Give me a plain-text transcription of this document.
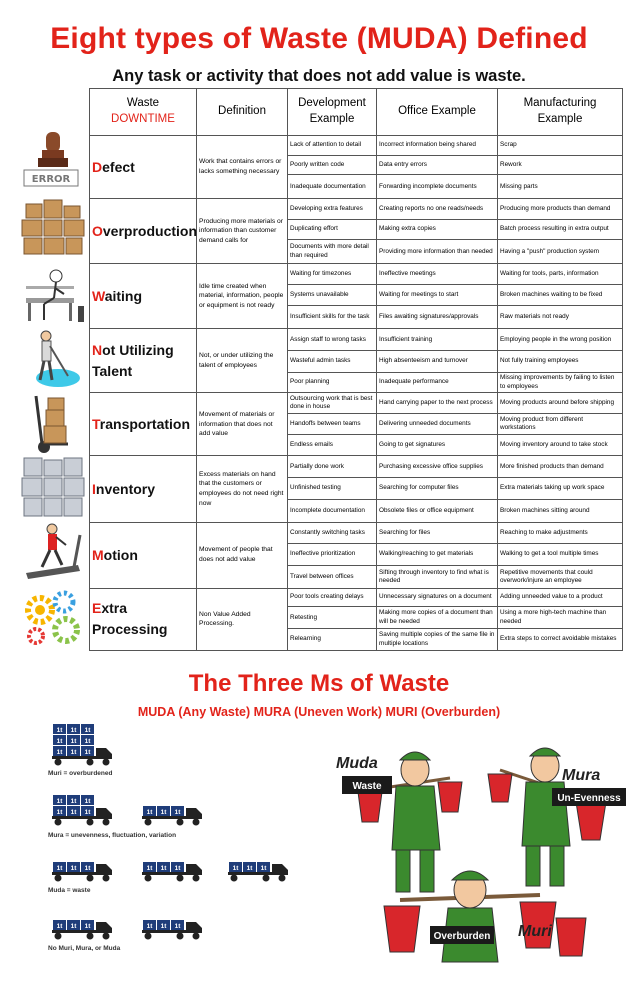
Eight types of Waste (MUDA) Defined
Any task or activity that does not add value is waste.
Waste
DOWNTIME	Definition	Development Example	Office Example	Manufacturing Example
Defect	Work that contains errors or lacks something necessary	Lack of attention to detail	Incorrect information being shared	Scrap
		Poorly written code	Data entry errors	Rework
		Inadequate documentation	Forwarding incomplete documents	Missing parts
Overproduction	Producing more materials or information than customer demand calls for	Developing extra features	Creating reports no one reads/needs	Producing more products than demand
		Duplicating effort	Making extra copies	Batch process resulting in extra output
		Documents with more detail than required	Providing more information than needed	Having a "push" production system
Waiting	Idle time created when material, information, people or equipment is not ready	Waiting for timezones	Ineffective meetings	Waiting for tools, parts, information
		Systems unavailable	Waiting for meetings to start	Broken machines waiting to be fixed
		Insufficient skills for the task	Files awaiting signatures/approvals	Raw materials not ready
Not Utilizing Talent	Not, or under utilizing the talent of employees	Assign staff to wrong tasks	Insufficient training	Employing people in the wrong position
		Wasteful admin tasks	High absenteeism and turnover	Not fully training employees
		Poor planning	Inadequate performance	Missing improvements by failing to listen to employees
Transportation	Movement of materials or information that does not add value	Outsourcing work that is best done in house	Hand carrying paper to the next process	Moving products around before shipping
		Handoffs between teams	Delivering unneeded documents	Moving product from different workstations
		Endless emails	Going to get signatures	Moving inventory around to take stock
Inventory	Excess materials on hand that the customers or employees do not need right now	Partially done work	Purchasing excessive office supplies	More finished products than demand
		Unfinished testing	Searching for computer files	Extra materials taking up work space
		Incomplete documentation	Obsolete files or office equipment	Broken machines sitting around
Motion	Movement of people that does not add value	Constantly switching tasks	Searching for files	Reaching to make adjustments
		Ineffective prioritization	Walking/reaching to get materials	Walking to get a tool multiple times
		Travel between offices	Sifting through inventory to find what is needed	Repetitive movements that could overwork/injure an employee
Extra Processing	Non Value Added Processing.	Poor tools creating delays	Unnecessary signatures on a document	Adding unneeded value to a product
		Retesting	Making more copies of a document than will be needed	Using a more high-tech machine than needed
		Relearning	Saving multiple copies of the same file in multiple locations	Extra steps to correct avoidable mistakes
ERROR
The Three Ms of Waste
MUDA (Any Waste) MURA (Uneven Work) MURI (Overburden)
1t 1t 1t
1t 1t 1t
1t 1t 1t
1t 1t 1t
1t 1t 1t
1t 1t 1t
1t 1t 1t	1t 1t 1t	1t 1t 1t
1t 1t 1t	1t 1t 1t
Muri = overburdened
Mura = unevenness, fluctuation, variation
Muda = waste
No Muri, Mura, or Muda
Muda
Mura
Muri
Waste
Un-Evenness
Overburden
